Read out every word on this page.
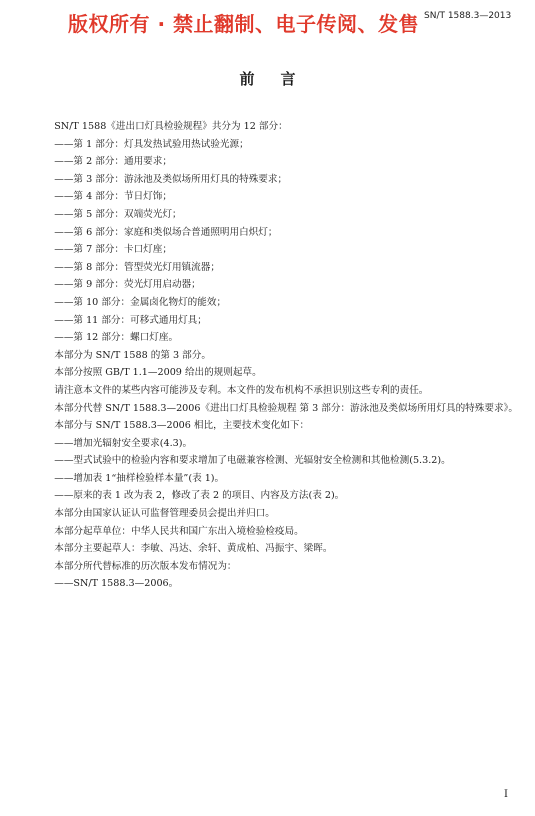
版权所有 · 禁止翻制、电子传阅、发售 SN/T 1588.3—2013
前言

SN/T 1588《进出口灯具检验规程》共分为 12 部分：

——第 1 部分：灯具发热试验用热试验光源；

——第 2 部分：通用要求；

——第 3 部分：游泳池及类似场所用灯具的特殊要求；

——第 4 部分：节日灯饰；

——第 5 部分：双端荧光灯；

——第 6 部分：家庭和类似场合普通照明用白炽灯；

——第 7 部分：卡口灯座；

——第 8 部分：管型荧光灯用镇流器；

——第 9 部分：荧光灯用启动器；

——第 10 部分：金属卤化物灯的能效；

——第 11 部分：可移式通用灯具；

——第 12 部分：螺口灯座。

本部分为 SN/T 1588 的第 3 部分。

本部分按照 GB/T 1.1—2009 给出的规则起草。

请注意本文件的某些内容可能涉及专利。本文件的发布机构不承担识别这些专利的责任。

本部分代替 SN/T 1588.3—2006《进出口灯具检验规程 第 3 部分：游泳池及类似场所用灯具的特殊要求》。

本部分与 SN/T 1588.3—2006 相比，主要技术变化如下：

——增加光辐射安全要求(4.3)。

——型式试验中的检验内容和要求增加了电磁兼容检测、光辐射安全检测和其他检测(5.3.2)。

——增加表 1“抽样检验样本量”(表 1)。

——原来的表 1 改为表 2，修改了表 2 的项目、内容及方法(表 2)。

本部分由国家认证认可监督管理委员会提出并归口。

本部分起草单位：中华人民共和国广东出入境检验检疫局。

本部分主要起草人：李敏、冯达、余轩、黄成柏、冯振宇、梁晖。

本部分所代替标准的历次版本发布情况为：

——SN/T 1588.3—2006。

I
